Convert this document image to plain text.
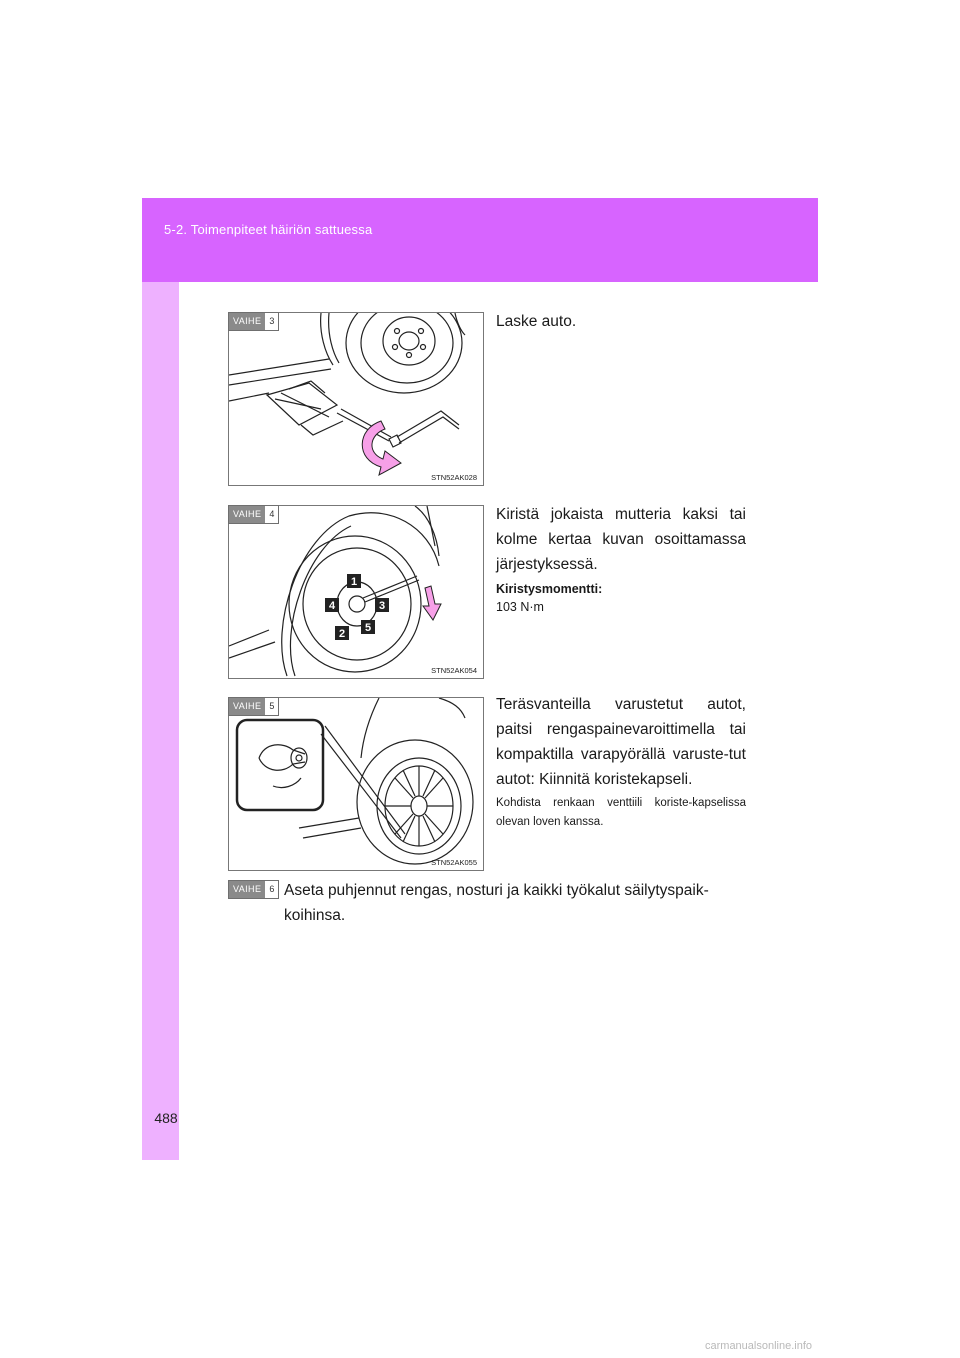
5-2. Toimenpiteet häiriön sattuessa
VAIHE 3
STN52AK028
Laske auto.
VAIHE 4
1
2
3
4
5
STN52AK054
Kiristä jokaista mutteria kaksi tai kolme kertaa kuvan osoittamassa järjestyksessä.
Kiristysmomentti:
103 N·m
VAIHE 5
STN52AK055
Teräsvanteilla varustetut autot, paitsi rengaspainevaroittimella tai kompaktilla varapyörällä varuste-tut autot: Kiinnitä koristekapseli.
Kohdista renkaan venttiili koriste-kapselissa olevan loven kanssa.
VAIHE 6 Aseta puhjennut rengas, nosturi ja kaikki työkalut säilytyspaik-
koihinsa.
488
carmanualsonline.info
